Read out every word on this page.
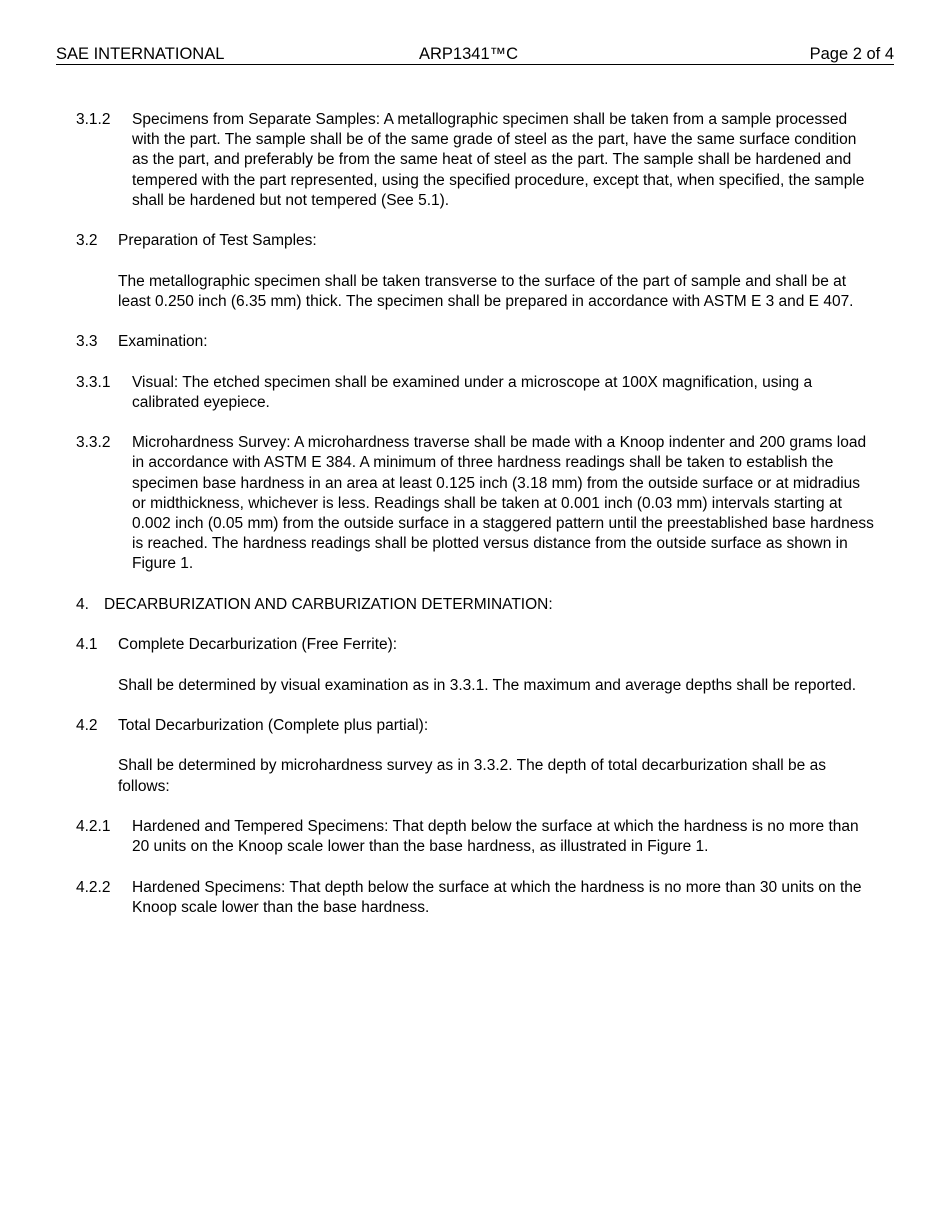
SAE INTERNATIONAL	ARP1341™C	Page 2 of 4
3.1.2 Specimens from Separate Samples: A metallographic specimen shall be taken from a sample processed with the part. The sample shall be of the same grade of steel as the part, have the same surface condition as the part, and preferably be from the same heat of steel as the part. The sample shall be hardened and tempered with the part represented, using the specified procedure, except that, when specified, the sample shall be hardened but not tempered (See 5.1).
3.2 Preparation of Test Samples:
The metallographic specimen shall be taken transverse to the surface of the part of sample and shall be at least 0.250 inch (6.35 mm) thick. The specimen shall be prepared in accordance with ASTM E 3 and E 407.
3.3 Examination:
3.3.1 Visual: The etched specimen shall be examined under a microscope at 100X magnification, using a calibrated eyepiece.
3.3.2 Microhardness Survey: A microhardness traverse shall be made with a Knoop indenter and 200 grams load in accordance with ASTM E 384. A minimum of three hardness readings shall be taken to establish the specimen base hardness in an area at least 0.125 inch (3.18 mm) from the outside surface or at midradius or midthickness, whichever is less. Readings shall be taken at 0.001 inch (0.03 mm) intervals starting at 0.002 inch (0.05 mm) from the outside surface in a staggered pattern until the preestablished base hardness is reached. The hardness readings shall be plotted versus distance from the outside surface as shown in Figure 1.
4. DECARBURIZATION AND CARBURIZATION DETERMINATION:
4.1 Complete Decarburization (Free Ferrite):
Shall be determined by visual examination as in 3.3.1. The maximum and average depths shall be reported.
4.2 Total Decarburization (Complete plus partial):
Shall be determined by microhardness survey as in 3.3.2. The depth of total decarburization shall be as follows:
4.2.1 Hardened and Tempered Specimens: That depth below the surface at which the hardness is no more than 20 units on the Knoop scale lower than the base hardness, as illustrated in Figure 1.
4.2.2 Hardened Specimens: That depth below the surface at which the hardness is no more than 30 units on the Knoop scale lower than the base hardness.
